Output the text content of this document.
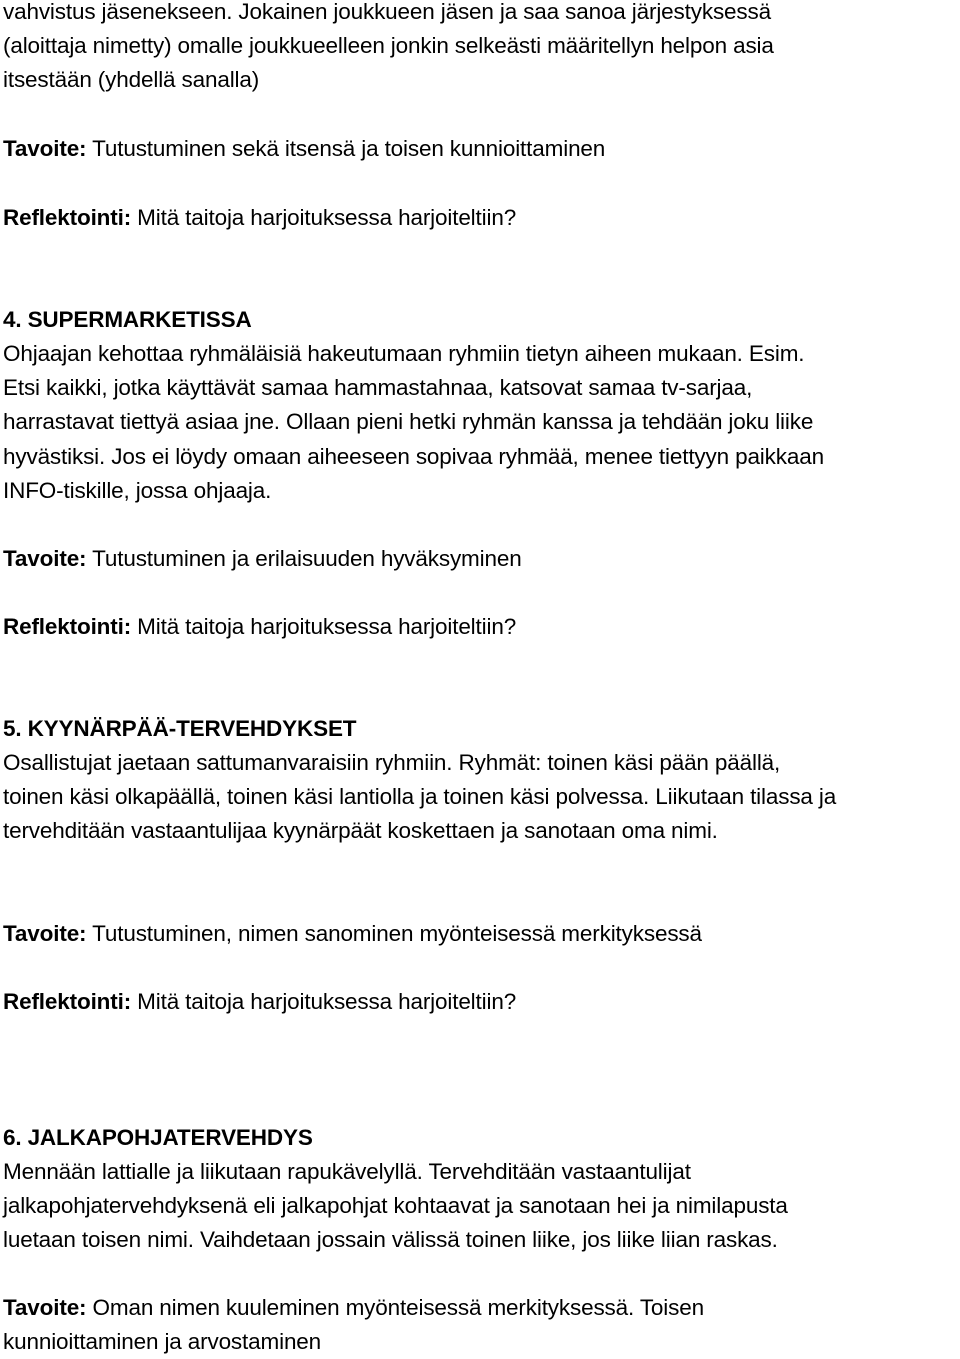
vahvistus jäsenekseen. Jokainen joukkueen jäsen ja saa sanoa järjestyksessä
(aloittaja nimetty) omalle joukkueelleen jonkin selkeästi määritellyn helpon asia
itsestään (yhdellä sanalla)
Tavoite: Tutustuminen sekä itsensä ja toisen kunnioittaminen
Reflektointi: Mitä taitoja harjoituksessa harjoiteltiin?
4. SUPERMARKETISSA
Ohjaajan kehottaa ryhmäläisiä hakeutumaan ryhmiin tietyn aiheen mukaan. Esim.
Etsi kaikki, jotka käyttävät samaa hammastahnaa, katsovat samaa tv-sarjaa,
harrastavat tiettyä asiaa jne. Ollaan pieni hetki ryhmän kanssa ja tehdään joku liike
hyvästiksi. Jos ei löydy omaan aiheeseen sopivaa ryhmää, menee tiettyyn paikkaan
INFO-tiskille, jossa ohjaaja.
Tavoite: Tutustuminen ja erilaisuuden hyväksyminen
Reflektointi: Mitä taitoja harjoituksessa harjoiteltiin?
5. KYYNÄRPÄÄ-TERVEHDYKSET
Osallistujat jaetaan sattumanvaraisiin ryhmiin. Ryhmät: toinen käsi pään päällä,
toinen käsi olkapäällä, toinen käsi lantiolla ja toinen käsi polvessa. Liikutaan tilassa ja
tervehditään vastaantulijaa kyynärpäät koskettaen ja sanotaan oma nimi.
Tavoite: Tutustuminen, nimen sanominen myönteisessä merkityksessä
Reflektointi: Mitä taitoja harjoituksessa harjoiteltiin?
6. JALKAPOHJATERVEHDYS
Mennään lattialle ja liikutaan rapukävelyllä. Tervehditään vastaantulijat
jalkapohjatervehdyksenä eli jalkapohjat kohtaavat ja sanotaan hei ja nimilapusta
luetaan toisen nimi. Vaihdetaan jossain välissä toinen liike, jos liike liian raskas.
Tavoite: Oman nimen kuuleminen myönteisessä merkityksessä. Toisen
kunnioittaminen ja arvostaminen
